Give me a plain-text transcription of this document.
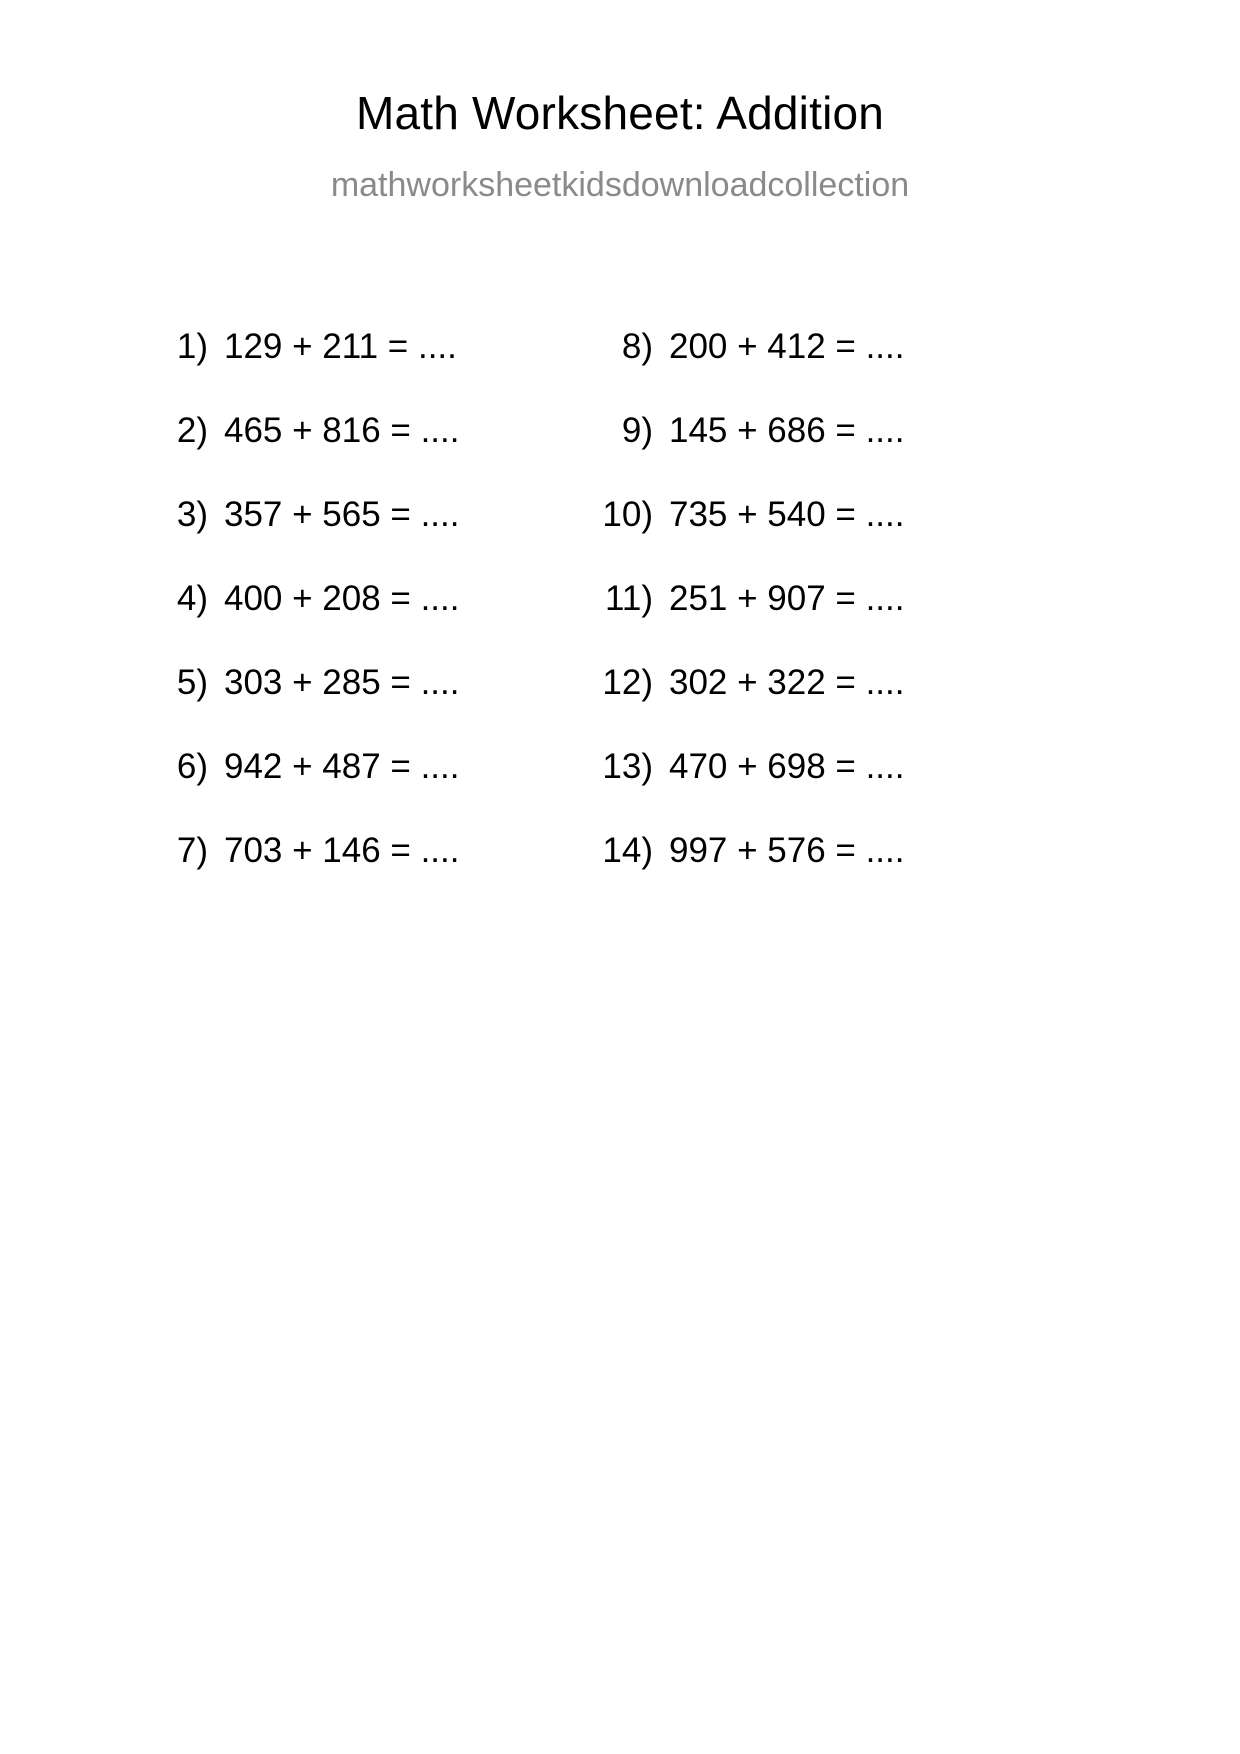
Math Worksheet: Addition
mathworksheetkidsdownloadcollection
1) 129 + 211 = ....
2) 465 + 816 = ....
3) 357 + 565 = ....
4) 400 + 208 = ....
5) 303 + 285 = ....
6) 942 + 487 = ....
7) 703 + 146 = ....
8) 200 + 412 = ....
9) 145 + 686 = ....
10) 735 + 540 = ....
11) 251 + 907 = ....
12) 302 + 322 = ....
13) 470 + 698 = ....
14) 997 + 576 = ....
